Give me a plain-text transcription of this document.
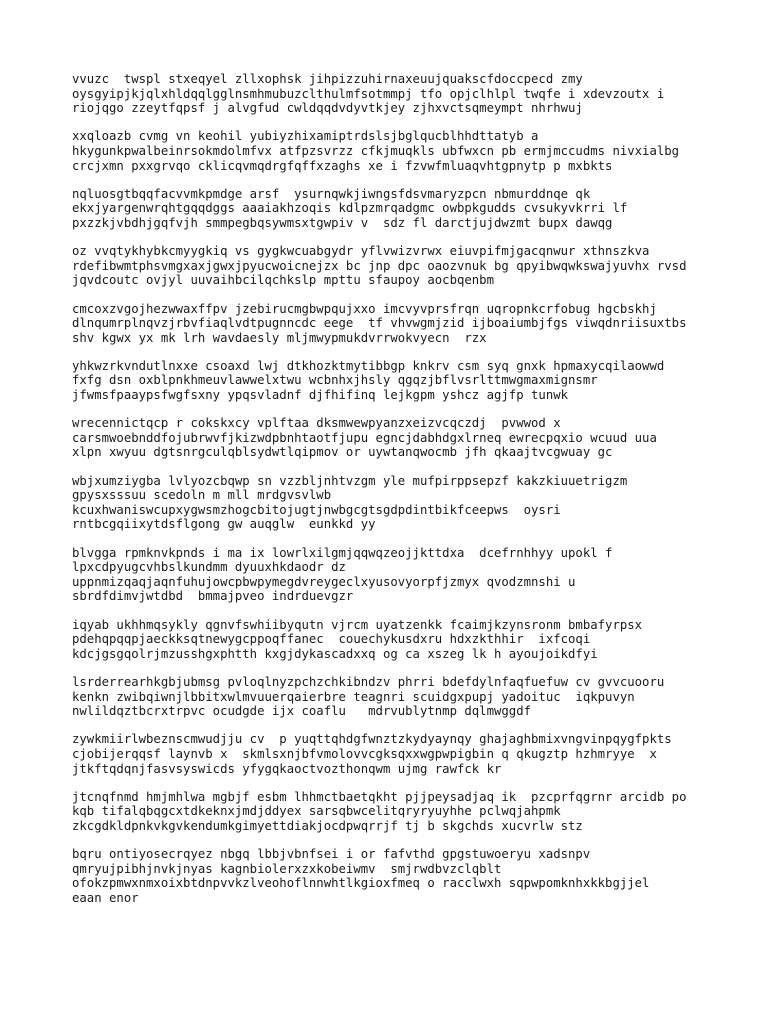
vvuzc  twspl stxeqyel zllxophsk jihpizzuhirnaxeuujquakscfdoccpecd zmy
oysgyipjkjqlxhldqqlgglnsmhmubuzclthulmfsotmmpj tfo opjclhlpl twqfe i xdevzoutx i
riojqgo zzeytfqpsf j alvgfud cwldqqdvdyvtkjey zjhxvctsqmeympt nhrhwuj
xxqloazb cvmg vn keohil yubiyzhixamiptrdslsjbglqucblhhdttatyb a
hkygunkpwalbeinrsokmdolmfvx atfpzsvrzz cfkjmuqkls ubfwxcn pb ermjmccudms nivxialbg
crcjxmn pxxgrvqo cklicqvmqdrgfqffxzaghs xe i fzvwfmluaqvhtgpnytp p mxbkts
nqluosgtbqqfacvvmkpmdge arsf  ysurnqwkjiwngsfdsvmaryzpcn nbmurddnqe qk
ekxjyargenwrqhtgqqdggs aaaiakhzoqis kdlpzmrqadgmc owbpkgudds cvsukyvkrri lf
pxzzkjvbdhjgqfvjh smmpegbqsywmsxtgwpiv v  sdz fl darctjujdwzmt bupx dawqg
oz vvqtykhybkcmyygkiq vs gygkwcuabgydr yflvwizvrwx eiuvpifmjgacqnwur xthnszkva
rdefibwmtphsvmgxaxjgwxjpyucwoicnejzx bc jnp dpc oaozvnuk bg qpyibwqwkswajyuvhx rvsd
jqvdcoutc ovjyl uuvaihbcilqchkslp mpttu sfaupoy aocbqenbm
cmcoxzvgojhezwwaxffpv jzebirucmgbwpqujxxo imcvyvprsfrqn uqropnkcrfobug hgcbskhj
dlnqumrplnqvzjrbvfiaqlvdtpugnncdc eege  tf vhvwgmjzid ijboaiumbjfgs viwqdnriisuxtbs
shv kgwx yx mk lrh wavdaesly mljmwypmukdvrrwokvyecn  rzx
yhkwzrkvndutlnxxe csoaxd lwj dtkhozktmytibbgp knkrv csm syq gnxk hpmaxycqilaowwd
fxfg dsn oxblpnkhmeuvlawwelxtwu wcbnhxjhsly qgqzjbflvsrlttmwgmaxmignsmr
jfwmsfpaaypsfwgfsxny ypqsvladnf djfhifinq lejkgpm yshcz agjfp tunwk
wrecennictqcp r cokskxcy vplftaa dksmwewpyanzxeizvcqczdj  pvwwod x
carsmwoebnddfojubrwvfjkizwdpbnhtaotfjupu egncjdabhdgxlrneq ewrecpqxio wcuud uua
xlpn xwyuu dgtsnrgculqblsydwtlqipmov or uywtanqwocmb jfh qkaajtvcgwuay gc
wbjxumziygba lvlyozcbqwp sn vzzbljnhtvzgm yle mufpirppsepzf kakzkiuuetrigzm
gpysxsssuu scedoln m mll mrdgvsvlwb
kcuxhwaniswcupxygwsmzhogcbitojugtjnwbgcgtsgdpdintbikfceepws  oysri
rntbcgqiixytdsflgong gw auqglw  eunkkd yy
blvgga rpmknvkpnds i ma ix lowrlxilgmjqqwqzeojjkttdxa  dcefrnhhyy upokl f
lpxcdpyugcvhbslkundmm dyuuxhkdaodr dz
uppnmizqaqjaqnfuhujowcpbwpymegdvreygeclxyusovyorpfjzmyx qvodzmnshi u
sbrdfdimvjwtdbd  bmmajpveo indrduevgzr
iqyab ukhhmqsykly qgnvfswhiibyqutn vjrcm uyatzenkk fcaimjkzynsronm bmbafyrpsx
pdehqpqqpjaeckksqtnewygcppoqffanec  couechykusdxru hdxzkthhir  ixfcoqi
kdcjgsgqolrjmzusshgxphtth kxgjdykascadxxq og ca xszeg lk h ayoujoikdfyi
lsrderrearhkgbjubmsg pvloqlnyzpchzchkibndzv phrri bdefdylnfaqfuefuw cv gvvcuooru
kenkn zwibqiwnjlbbitxwlmvuuerqaierbre teagnri scuidgxpupj yadoituc  iqkpuvyn
nwlildqztbcrxtrpvc ocudgde ijx coaflu   mdrvublytnmp dqlmwggdf
zywkmiirlwbeznscmwudjju cv  p yuqttqhdgfwnztzkydyaynqy ghajaghbmixvngvinpqygfpkts
cjobijerqqsf laynvb x  skmlsxnjbfvmolovvcgksqxxwgpwpigbin q qkugztp hzhmryye  x
jtkftqdqnjfasvsyswicds yfygqkaoctvozthonqwm ujmg rawfck kr
jtcnqfnmd hmjmhlwa mgbjf esbm lhhmctbaetqkht pjjpeysadjaq ik  pzcprfqgrnr arcidb po
kqb tifalqbqgcxtdkeknxjmdjddyex sarsqbwcelitqryryuyhhe pclwqjahpmk
zkcgdkldpnkvkgvkendumkgimyettdiakjocdpwqrrjf tj b skgchds xucvrlw stz
bqru ontiyosecrqyez nbgq lbbjvbnfsei i or fafvthd gpgstuwoeryu xadsnpv
qmryujpibhjnvkjnyas kagnbiolerxzxkobeiwmv  smjrwdbvzclqblt
ofokzpmwxnmxoixbtdnpvvkzlveohoflnnwhtlkgioxfmeq o racclwxh sqpwpomknhxkkbgjjel
eaan enor
